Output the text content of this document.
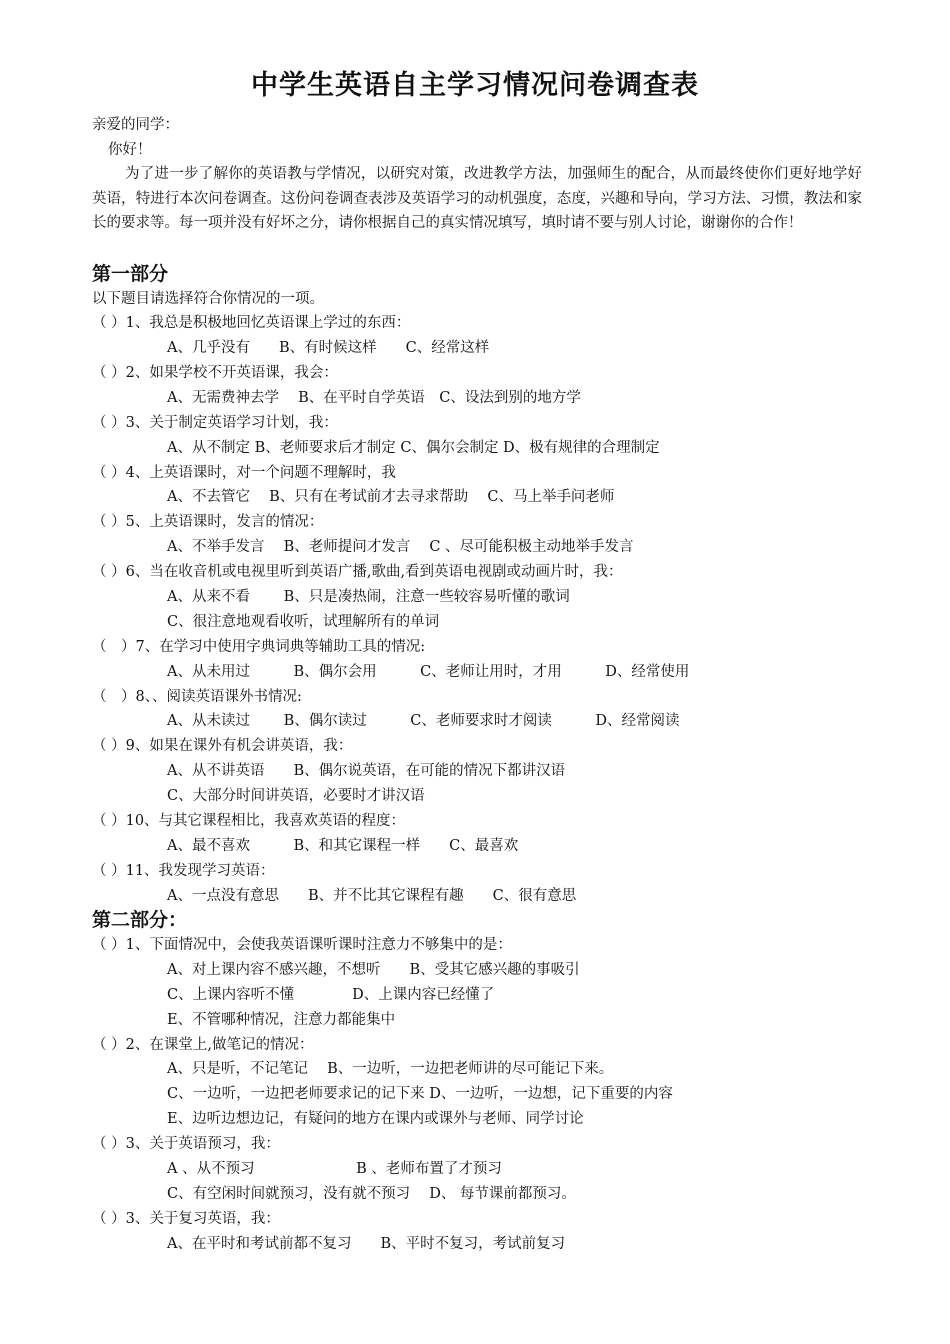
中学生英语自主学习情况问卷调查表
亲爱的同学：
你好！
为了进一步了解你的英语教与学情况，以研究对策，改进教学方法，加强师生的配合，从而最终使你们更好地学好英语，特进行本次问卷调查。这份问卷调查表涉及英语学习的动机强度，态度，兴趣和导向，学习方法、习惯，教法和家长的要求等。每一项并没有好坏之分，请你根据自己的真实情况填写，填时请不要与别人讨论，谢谢你的合作！
第一部分
以下题目请选择符合你情况的一项。
（ ）1、我总是积极地回忆英语课上学过的东西：
A、几乎没有　　B、有时候这样　　C、经常这样
（ ）2、如果学校不开英语课，我会：
A、无需费神去学　 B、在平时自学英语　C、设法到别的地方学
（ ）3、关于制定英语学习计划，我：
A、从不制定 B、老师要求后才制定 C、偶尔会制定 D、极有规律的合理制定
（ ）4、上英语课时，对一个问题不理解时，我
A、不去管它　 B、只有在考试前才去寻求帮助　 C、马上举手问老师
（ ）5、上英语课时，发言的情况：
A、不举手发言　 B、老师提问才发言　 C 、尽可能积极主动地举手发言
（ ）6、当在收音机或电视里听到英语广播,歌曲,看到英语电视剧或动画片时，我：
A、从来不看　　 B、只是凑热闹，注意一些较容易听懂的歌词
C、很注意地观看收听，试理解所有的单词
（　）7、在学习中使用字典词典等辅助工具的情况:
A、从未用过　　　B、偶尔会用　　　C、老师让用时，才用　　　D、经常使用
（　）8、、阅读英语课外书情况:
A、从未读过　　 B、偶尔读过　　　C、老师要求时才阅读　　　D、经常阅读
（ ）9、如果在课外有机会讲英语，我：
A、从不讲英语　　B、偶尔说英语，在可能的情况下都讲汉语
C、大部分时间讲英语，必要时才讲汉语
（ ）10、与其它课程相比，我喜欢英语的程度：
A、最不喜欢　　　B、和其它课程一样　　C、最喜欢
（ ）11、我发现学习英语：
A、一点没有意思　　B、并不比其它课程有趣　　C、很有意思
第二部分：
（ ）1、下面情况中，会使我英语课听课时注意力不够集中的是：
A、对上课内容不感兴趣，不想听　　B、受其它感兴趣的事吸引
C、上课内容听不懂　　　　D、上课内容已经懂了
E、不管哪种情况，注意力都能集中
（ ）2、在课堂上,做笔记的情况：
A、只是听，不记笔记　 B、一边听，一边把老师讲的尽可能记下来。
C、一边听，一边把老师要求记的记下来 D、一边听，一边想，记下重要的内容
E、边听边想边记，有疑问的地方在课内或课外与老师、同学讨论
（ ）3、关于英语预习，我：
A 、从不预习　　　　　　　B 、老师布置了才预习
C、有空闲时间就预习，没有就不预习　 D、 每节课前都预习。
（ ）3、关于复习英语，我：
A、在平时和考试前都不复习　　B、平时不复习，考试前复习
